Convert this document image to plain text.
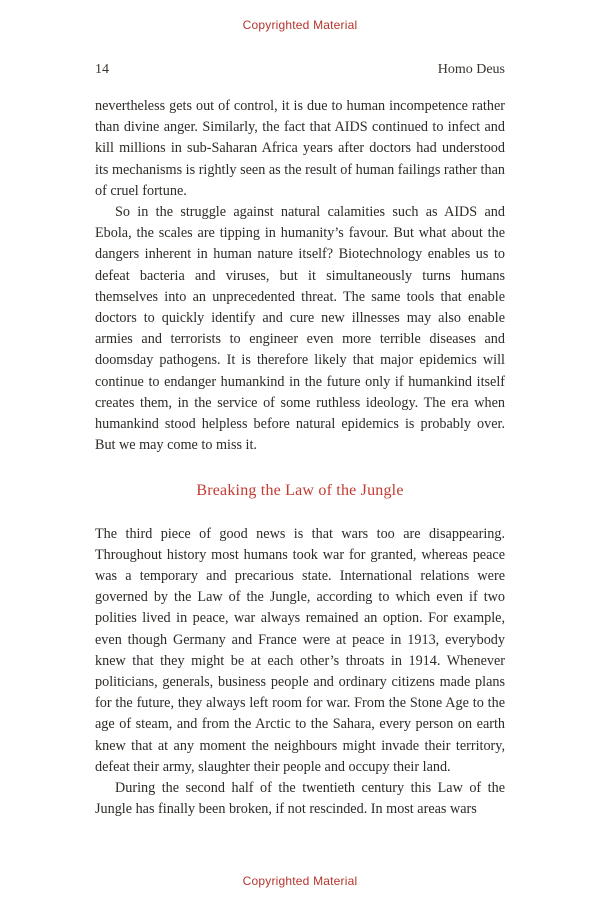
Copyrighted Material
14	Homo Deus

nevertheless gets out of control, it is due to human incompetence rather than divine anger. Similarly, the fact that AIDS continued to infect and kill millions in sub-Saharan Africa years after doctors had understood its mechanisms is rightly seen as the result of human failings rather than of cruel fortune.

So in the struggle against natural calamities such as AIDS and Ebola, the scales are tipping in humanity’s favour. But what about the dangers inherent in human nature itself? Biotechnology enables us to defeat bacteria and viruses, but it simultaneously turns humans themselves into an unprecedented threat. The same tools that enable doctors to quickly identify and cure new illnesses may also enable armies and terrorists to engineer even more terrible diseases and doomsday pathogens. It is therefore likely that major epidemics will continue to endanger humankind in the future only if humankind itself creates them, in the service of some ruthless ideology. The era when humankind stood helpless before natural epidemics is probably over. But we may come to miss it.

Breaking the Law of the Jungle

The third piece of good news is that wars too are disappearing. Throughout history most humans took war for granted, whereas peace was a temporary and precarious state. International relations were governed by the Law of the Jungle, according to which even if two polities lived in peace, war always remained an option. For example, even though Germany and France were at peace in 1913, everybody knew that they might be at each other’s throats in 1914. Whenever politicians, generals, business people and ordinary citizens made plans for the future, they always left room for war. From the Stone Age to the age of steam, and from the Arctic to the Sahara, every person on earth knew that at any moment the neighbours might invade their territory, defeat their army, slaughter their people and occupy their land.

During the second half of the twentieth century this Law of the Jungle has finally been broken, if not rescinded. In most areas wars

Copyrighted Material
